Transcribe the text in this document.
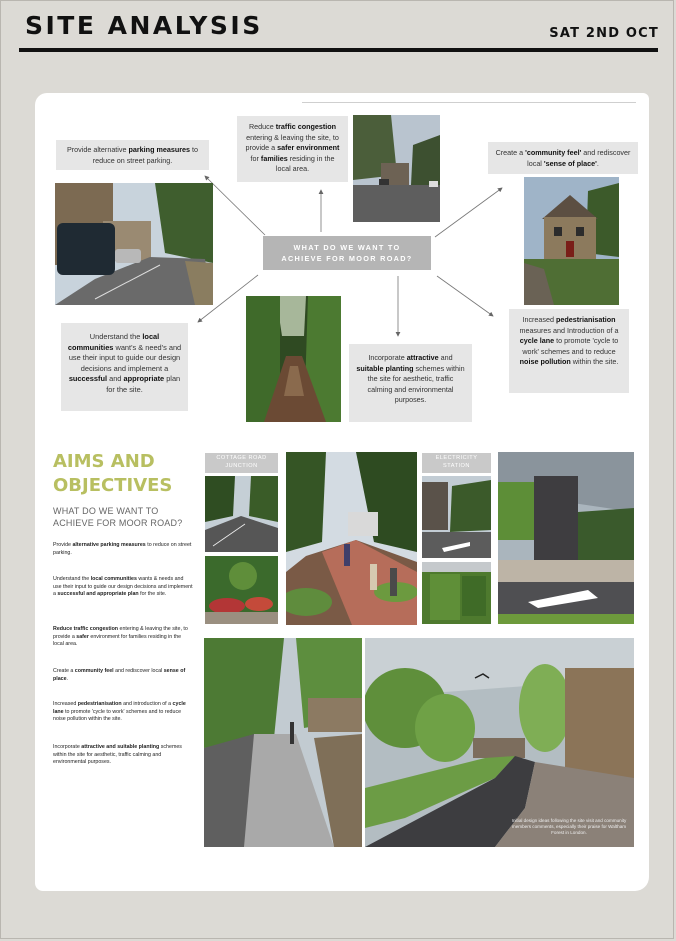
SITE ANALYSIS	SAT 2ND OCT
Provide alternative parking measures to reduce on street parking.
Reduce traffic congestion entering & leaving the site, to provide a safer environment for families residing in the local area.
Create a 'community feel' and rediscover local 'sense of place'.
Understand the local communities want's & need's and use their input to guide our design decisions and implement a successful and appropriate plan for the site.
Incorporate attractive and suitable planting schemes within the site for aesthetic, traffic calming and environmental purposes.
Increased pedestrianisation measures and Introduction of a cycle lane to promote 'cycle to work' schemes and to reduce noise pollution within the site.
WHAT DO WE WANT TO ACHIEVE FOR MOOR ROAD?
AIMS AND
OBJECTIVES
WHAT DO WE WANT TO ACHIEVE FOR MOOR ROAD?
Provide alternative parking measures to reduce on street parking.
Understand the local communities wants & needs and use their input to guide our design decisions and implement a successful and appropriate plan for the site.
Reduce traffic congestion entering & leaving the site, to provide a safer environment for families residing in the local area.
Create a community feel and rediscover local sense of place.
Increased pedestrianisation and introduction of a cycle lane to promote 'cycle to work' schemes and to reduce noise pollution within the site.
Incorporate attractive and suitable planting schemes within the site for aesthetic, traffic calming and environmental purposes.
COTTAGE ROAD
JUNCTION
ELECTRICITY
STATION
Initial design ideas following the site visit and community members comments, especially their praise for Waltham Forest in London.
